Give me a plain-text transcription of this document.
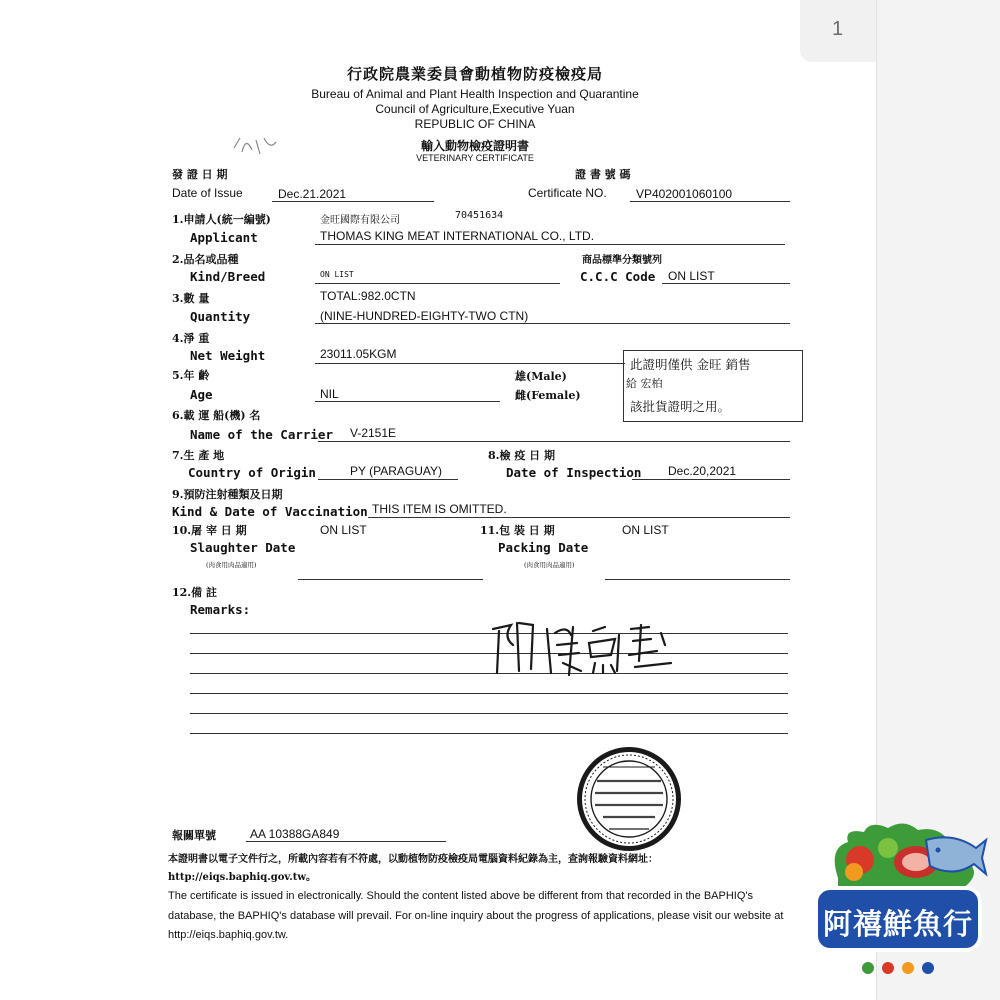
1
行政院農業委員會動植物防疫檢疫局
Bureau of Animal and Plant Health Inspection and Quarantine
Council of Agriculture,Executive Yuan
REPUBLIC OF CHINA
輸入動物檢疫證明書
VETERINARY CERTIFICATE
發 證 日 期
Date of Issue	Dec.21.2021
證 書 號 碼
Certificate NO. VP402001060100
1.申請人(統一編號)
Applicant
金旺國際有限公司	70451634
THOMAS KING MEAT INTERNATIONAL CO., LTD.
2.品名或品種
Kind/Breed	ON LIST
商品標準分類號列
C.C.C Code ON LIST
3.數 量
Quantity
TOTAL:982.0CTN
(NINE-HUNDRED-EIGHTY-TWO CTN)
4.淨 重
Net Weight	23011.05KGM
5.年 齡
Age	NIL
雄(Male)
雌(Female)
此證明僅供 金旺 銷售
給 宏柏
該批貨證明之用。
6.載 運 船(機) 名
Name of the Carrier V-2151E
7.生 產 地
Country of Origin	PY (PARAGUAY)
8.檢 疫 日 期
Date of Inspection Dec.20,2021
9.預防注射種類及日期
Kind & Date of Vaccination THIS ITEM IS OMITTED.
10.屠 宰 日 期
Slaughter Date
ON LIST
(肉食用肉品適用)
11.包 裝 日 期
Packing Date
ON LIST
(肉食用肉品適用)
12.備 註
Remarks:
報關單號	AA 10388GA849
本證明書以電子文件行之，所載內容若有不符處，以動植物防疫檢疫局電腦資料紀錄為主，查詢報驗資料網址：http://eiqs.baphiq.gov.tw。
The certificate is issued in electronically. Should the content listed above be different from that recorded in the BAPHIQ's database, the BAPHIQ's database will prevail. For on-line inquiry about the progress of applications, please visit our website at http://eiqs.baphiq.gov.tw.	阿禧鮮魚行
